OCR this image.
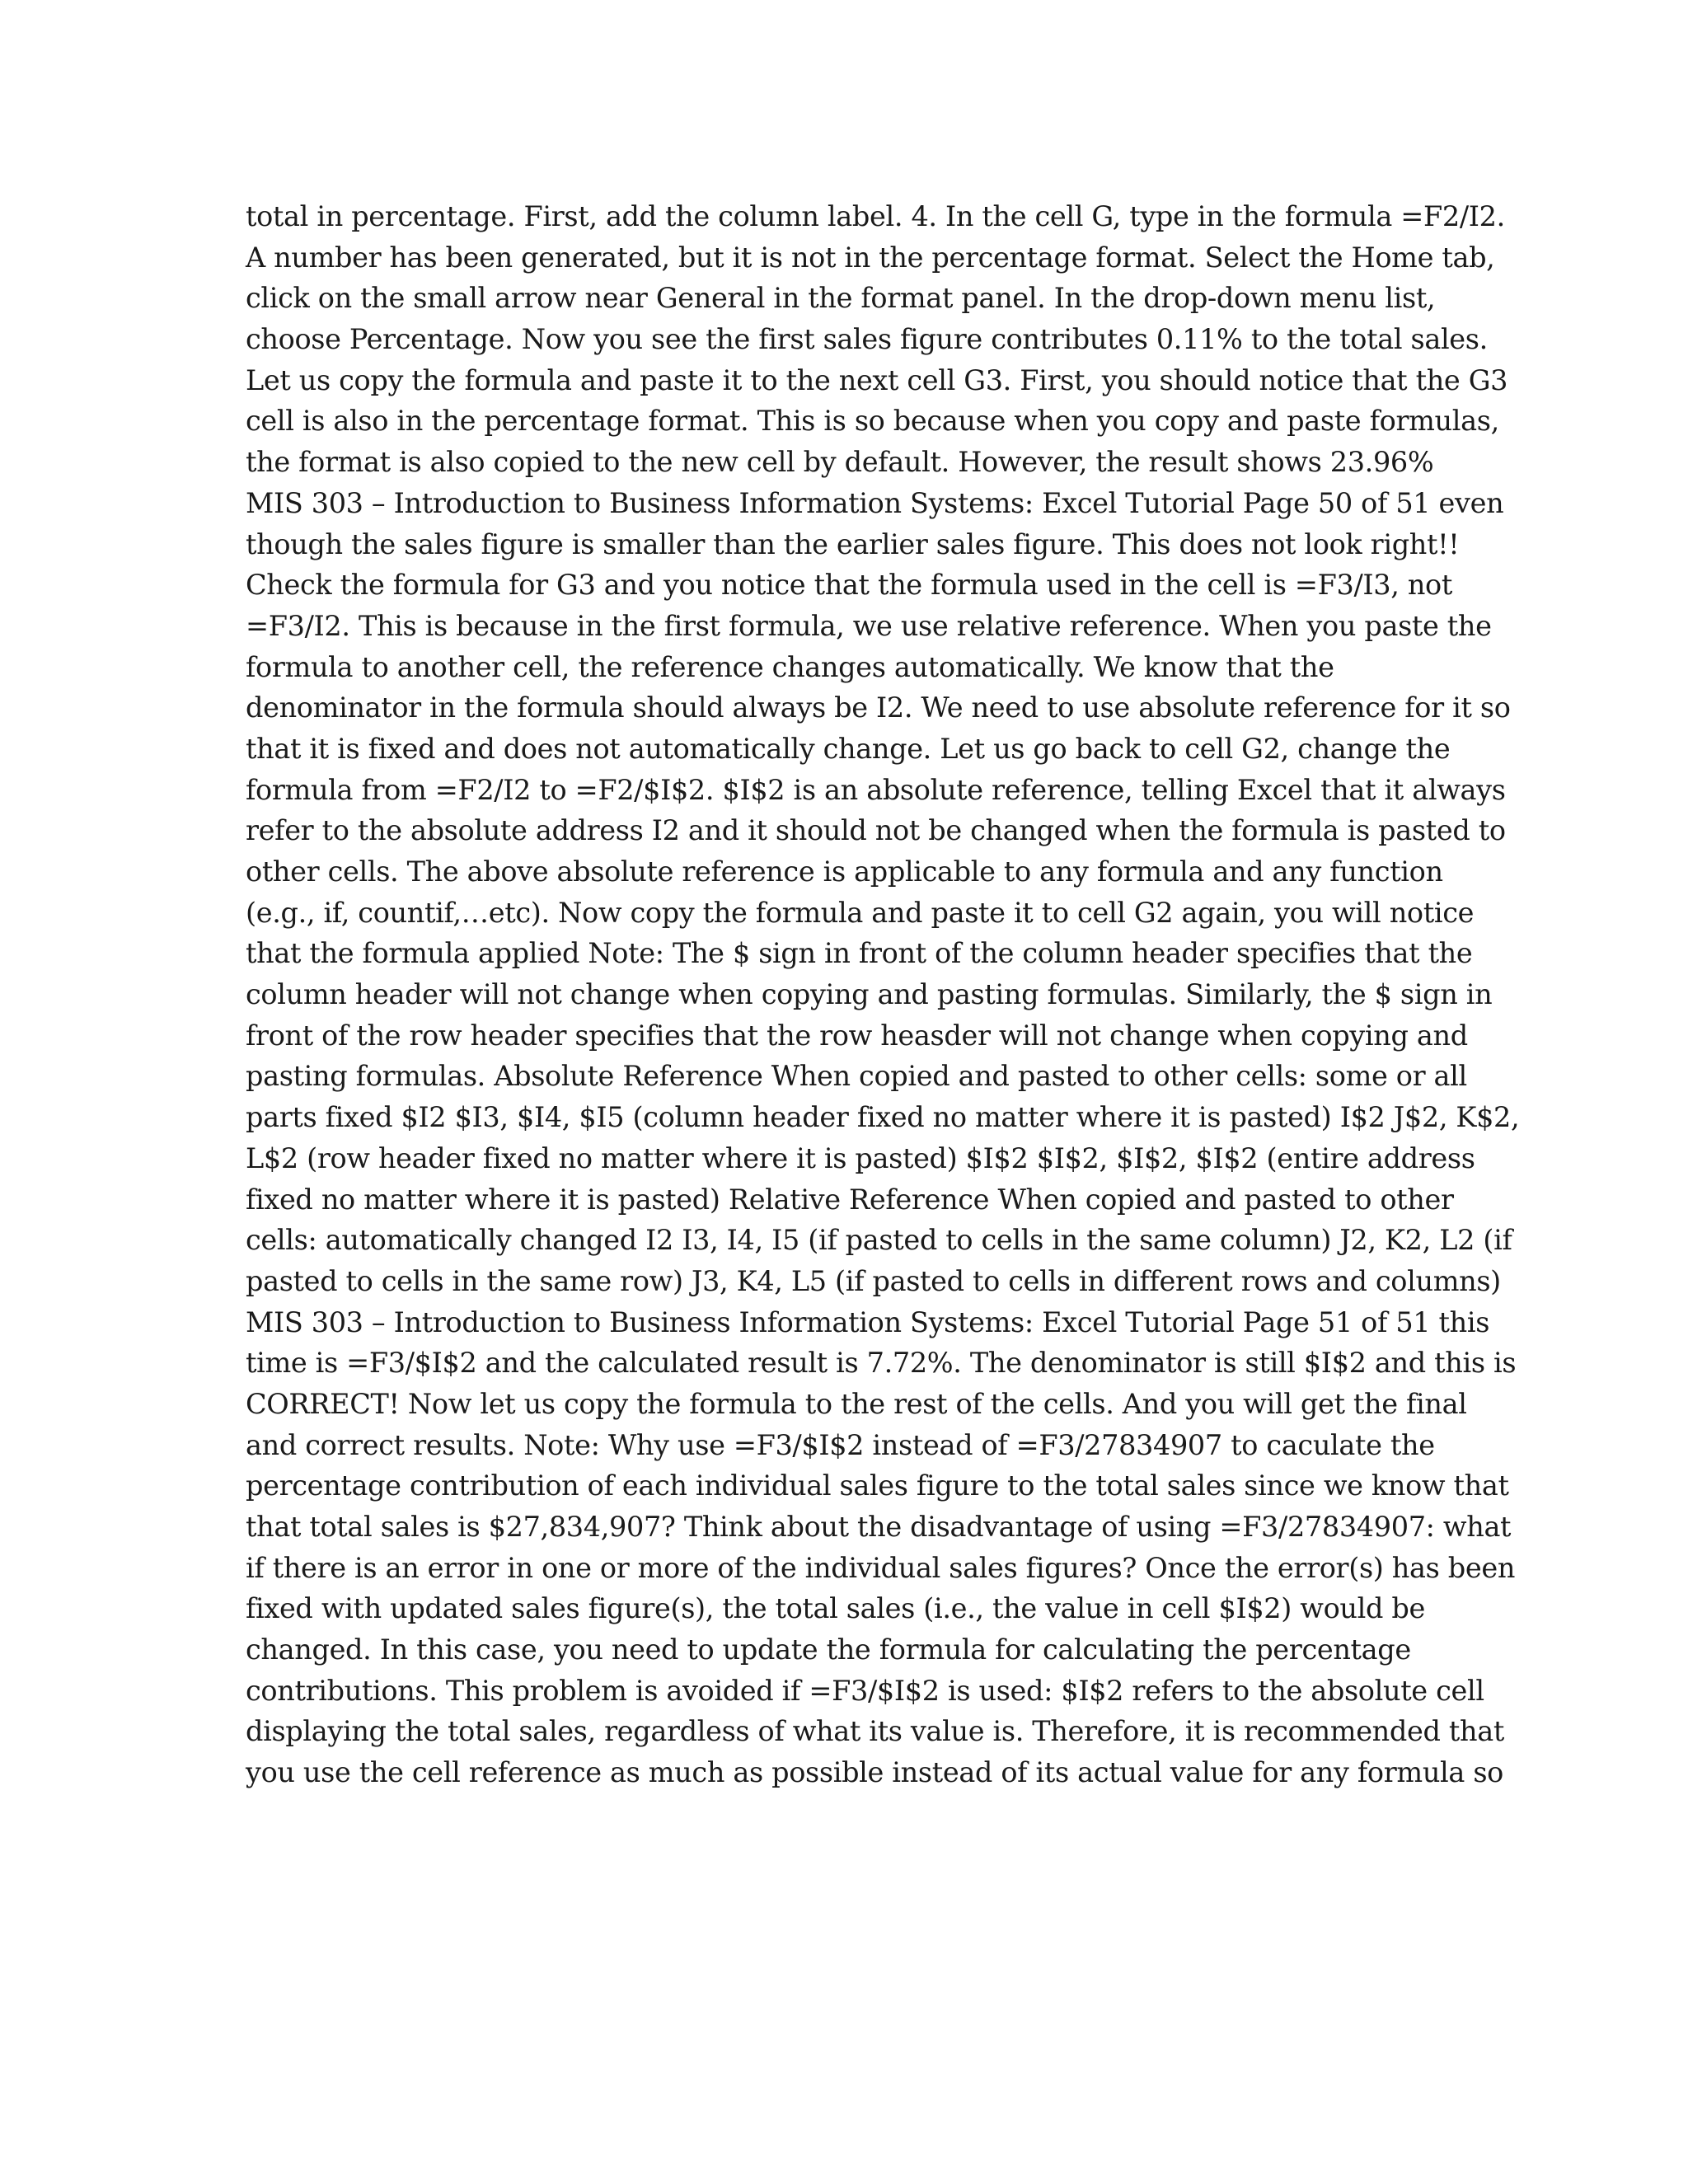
total in percentage. First, add the column label. 4. In the cell G, type in the formula =F2/I2.
A number has been generated, but it is not in the percentage format. Select the Home tab,
click on the small arrow near General in the format panel. In the drop-down menu list,
choose Percentage. Now you see the first sales figure contributes 0.11% to the total sales.
Let us copy the formula and paste it to the next cell G3. First, you should notice that the G3
cell is also in the percentage format. This is so because when you copy and paste formulas,
the format is also copied to the new cell by default. However, the result shows 23.96%
MIS 303 – Introduction to Business Information Systems: Excel Tutorial Page 50 of 51 even
though the sales figure is smaller than the earlier sales figure. This does not look right!!
Check the formula for G3 and you notice that the formula used in the cell is =F3/I3, not
=F3/I2. This is because in the first formula, we use relative reference. When you paste the
formula to another cell, the reference changes automatically. We know that the
denominator in the formula should always be I2. We need to use absolute reference for it so
that it is fixed and does not automatically change. Let us go back to cell G2, change the
formula from =F2/I2 to =F2/$I$2. $I$2 is an absolute reference, telling Excel that it always
refer to the absolute address I2 and it should not be changed when the formula is pasted to
other cells. The above absolute reference is applicable to any formula and any function
(e.g., if, countif,…etc). Now copy the formula and paste it to cell G2 again, you will notice
that the formula applied Note: The $ sign in front of the column header specifies that the
column header will not change when copying and pasting formulas. Similarly, the $ sign in
front of the row header specifies that the row heasder will not change when copying and
pasting formulas. Absolute Reference When copied and pasted to other cells: some or all
parts fixed $I2 $I3, $I4, $I5 (column header fixed no matter where it is pasted) I$2 J$2, K$2,
L$2 (row header fixed no matter where it is pasted) $I$2 $I$2, $I$2, $I$2 (entire address
fixed no matter where it is pasted) Relative Reference When copied and pasted to other
cells: automatically changed I2 I3, I4, I5 (if pasted to cells in the same column) J2, K2, L2 (if
pasted to cells in the same row) J3, K4, L5 (if pasted to cells in different rows and columns)
MIS 303 – Introduction to Business Information Systems: Excel Tutorial Page 51 of 51 this
time is =F3/$I$2 and the calculated result is 7.72%. The denominator is still $I$2 and this is
CORRECT! Now let us copy the formula to the rest of the cells. And you will get the final
and correct results. Note: Why use =F3/$I$2 instead of =F3/27834907 to caculate the
percentage contribution of each individual sales figure to the total sales since we know that
that total sales is $27,834,907? Think about the disadvantage of using =F3/27834907: what
if there is an error in one or more of the individual sales figures? Once the error(s) has been
fixed with updated sales figure(s), the total sales (i.e., the value in cell $I$2) would be
changed. In this case, you need to update the formula for calculating the percentage
contributions. This problem is avoided if =F3/$I$2 is used: $I$2 refers to the absolute cell
displaying the total sales, regardless of what its value is. Therefore, it is recommended that
you use the cell reference as much as possible instead of its actual value for any formula so
